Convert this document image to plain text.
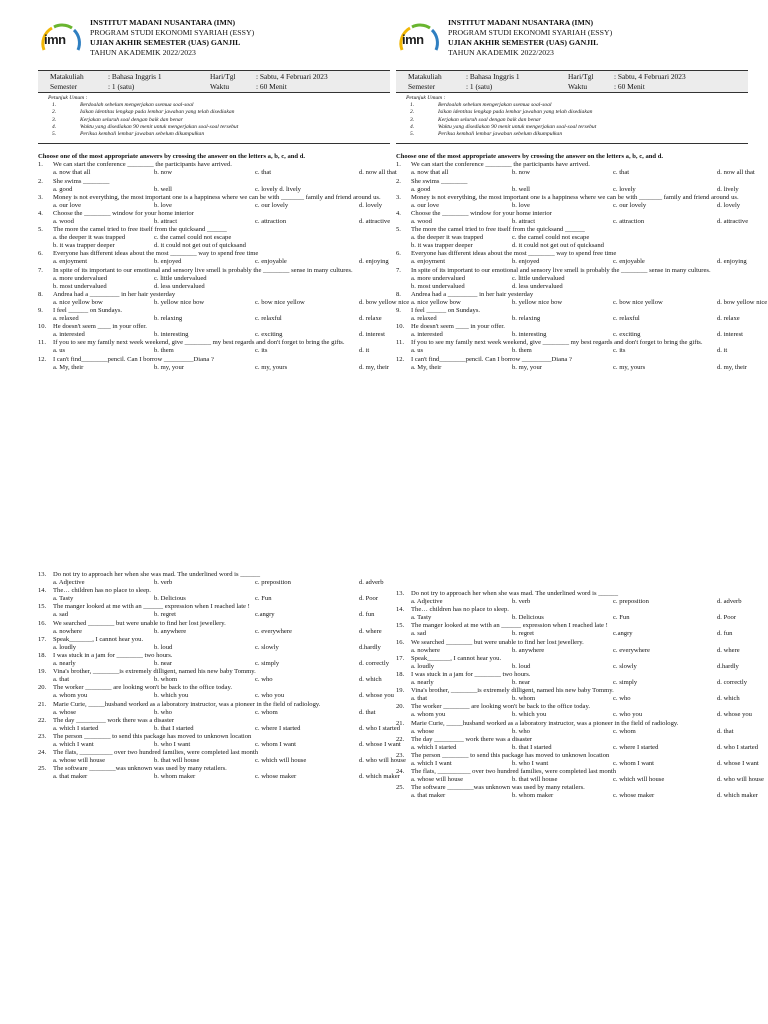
imn
INSTITUT MADANI NUSANTARA (IMN)
PROGRAM STUDI EKONOMI SYARIAH (ESSY)
UJIAN AKHIR SEMESTER (UAS) GANJIL
TAHUN AKADEMIK 2022/2023
Matakuliah	: Bahasa Inggris 1	Hari/Tgl	: Sabtu, 4 Februari 2023
Semester	: 1 (satu)	Waktu	: 60 Menit
Petunjuk Umum :
1.	Berdoalah sebelum mengerjakan ssemua soal-soal
2.	Isikan identitas lengkap pada lembar jawaban yang telah disediakan
3.	Kerjakan seluruh soal dengan baik dan benar
4.	Waktu yang disediakan 90 menit untuk mengerjakan soal-soal tersebut
5.	Periksa kembali lembar jawaban sebelum dikumpulkan
Choose one of the most appropriate answers by crossing the answer on the letters a, b, c, and d.
1.	We can start the conference ________ the participants have arrived.
a. now that all	b. now	c. that	d. now all that
2.	She swims ________
a. good	b. well	c. lovely d. lively
3.	Money is not everything, the most important one is a happiness where we can be with _______ family and friend around us.
a. our love	b. love	c. our lovely	d. lovely
4.	Choose the ________ window for your home interior
a. wood	b. attract	c. attraction	d. attractive
5.	The more the camel tried to free itself from the quicksand ______
a. the deeper it was trapped	c. the camel could not escape
b. it was trapper deeper	d. it could not get out of quicksand
6.	Everyone has different ideas about the most ________ way to spend free time
a. enjoyment	b. enjoyed	c. enjoyable	d. enjoying
7.	In spite of its important to our emotional and sensory live smell is probably the ________ sense in many cultures.
a. more undervalued	c. little undervalued
b. most undervalued	d. less undervalued
8.	Andrea had a _________ in her hair yesterday
a. nice yellow bow	b. yellow nice bow	c. bow nice yellow	d. bow yellow nice
9.	I feel ______ on Sundays.
a. relaxed	b. relaxing	c. relaxful	d. relaxe
10.	He doesn't seem ____ in your offer.
a. interested	b. interesting	c. exciting	d. interest
11.	If you to see my family next week weekend, give ________ my best regards and don't forget to bring the gifts.
a. us	b. them	c. its	d. it
12.	I can't find________pencil. Can I borrow _________Diana ?
a. My, their	b. my, your	c. my, yours	d. my, their
imn
INSTITUT MADANI NUSANTARA (IMN)
PROGRAM STUDI EKONOMI SYARIAH (ESSY)
UJIAN AKHIR SEMESTER (UAS) GANJIL
TAHUN AKADEMIK 2022/2023
Matakuliah	: Bahasa Inggris 1	Hari/Tgl	: Sabtu, 4 Februari 2023
Semester	: 1 (satu)	Waktu	: 60 Menit
Petunjuk Umum :
1.	Berdoalah sebelum mengerjakan ssemua soal-soal
2.	Isikan identitas lengkap pada lembar jawaban yang telah disediakan
3.	Kerjakan seluruh soal dengan baik dan benar
4.	Waktu yang disediakan 90 menit untuk mengerjakan soal-soal tersebut
5.	Periksa kembali lembar jawaban sebelum dikumpulkan
Choose one of the most appropriate answers by crossing the answer on the letters a, b, c, and d.
1.	We can start the conference ________ the participants have arrived.
a. now that all	b. now	c. that	d. now all that
2.	She swims ________
a. good	b. well	c. lovely	d. lively
3.	Money is not everything, the most important one is a happiness where we can be with _______ family and friend around us.
a. our love	b. love	c. our lovely	d. lovely
4.	Choose the ________ window for your home interior
a. wood	b. attract	c. attraction	d. attractive
5.	The more the camel tried to free itself from the quicksand ______
a. the deeper it was trapped	c. the camel could not escape
b. it was trapper deeper	d. it could not get out of quicksand
6.	Everyone has different ideas about the most ________ way to spend free time
a. enjoyment	b. enjoyed	c. enjoyable	d. enjoying
7.	In spite of its important to our emotional and sensory live smell is probably the ________ sense in many cultures.
a. more undervalued	c. little undervalued
b. most undervalued	d. less undervalued
8.	Andrea had a _________ in her hair yesterday
a. nice yellow bow	b. yellow nice bow	c. bow nice yellow	d. bow yellow nice
9.	I feel ______ on Sundays.
a. relaxed	b. relaxing	c. relaxful	d. relaxe
10.	He doesn't seem ____ in your offer.
a. interested	b. interesting	c. exciting	d. interest
11.	If you to see my family next week weekend, give ________ my best regards and don't forget to bring the gifts.
a. us	b. them	c. its	d. it
12.	I can't find________pencil. Can I borrow _________Diana ?
a. My, their	b. my, your	c. my, yours	d. my, their
13.	Do not try to approach her when she was mad. The underlined word is ______
a. Adjective	b. verb	c. preposition	d. adverb
14.	The… children has no place to sleep.
a. Tasty	b. Delicious	c. Fun	d. Poor
15.	The manger looked at me with an ______ expression when I reached late !
a. sad	b. regret	c.angry	d. fun
16.	We searched ________ but were unable to find her lost jewellery.
a. nowhere	b. anywhere	c. everywhere	d. where
17.	Speak_______, I cannot hear you.
a. loudly	b. loud	c. slowly	d.hardly
18.	I was stuck in a jam for ________ two hours.
a. nearly	b. near	c. simply	d. correctly
19.	Vina's brother, ________is extremely dilligent, named his new baby Tommy.
a. that	b. whom	c. who	d. which
20.	The worker ________ are looking won't be back to the office today.
a. whom you	b. which you	c. who you	d. whose you
21.	Marie Curie, _____husband worked as a laboratory instructor, was a pioneer in the field of radiology.
a. whose	b. who	c. whom	d. that
22.	The day _________ work there was a disaster
a. which I started	b. that I started	c. where I started	d. who I started
23.	The person ________ to send this package has moved to unknown location
a. which I want	b. who I want	c. whom I want	d. whose I want
24.	The flats, __________ over two hundred families, were completed last month
a. whose will house	b. that will house	c. which will house	d. who will house
25.	The software ________was unknown was used by many retailers.
a. that maker	b. whom maker	c. whose maker	d. which maker
13.	Do not try to approach her when she was mad. The underlined word is ______
a. Adjective	b. verb	c. preposition	d. adverb
14.	The… children has no place to sleep.
a. Tasty	b. Delicious	c. Fun	d. Poor
15.	The manger looked at me with an ______ expression when I reached late !
a. sad	b. regret	c.angry	d. fun
16.	We searched ________ but were unable to find her lost jewellery.
a. nowhere	b. anywhere	c. everywhere	d. where
17.	Speak_______, I cannot hear you.
a. loudly	b. loud	c. slowly	d.hardly
18.	I was stuck in a jam for ________ two hours.
a. nearly	b. near	c. simply	d. correctly
19.	Vina's brother, ________is extremely dilligent, named his new baby Tommy.
a. that	b. whom	c. who	d. which
20.	The worker ________ are looking won't be back to the office today.
a. whom you	b. which you	c. who you	d. whose you
21.	Marie Curie, _____husband worked as a laboratory instructor, was a pioneer in the field of radiology.
a. whose	b. who	c. whom	d. that
22.	The day _________ work there was a disaster
a. which I started	b. that I started	c. where I started	d. who I started
23.	The person ________ to send this package has moved to unknown location
a. which I want	b. who I want	c. whom I want	d. whose I want
24.	The flats, __________ over two hundred families, were completed last month
a. whose will house	b. that will house	c. which will house	d. who will house
25.	The software ________was unknown was used by many retailers.
a. that maker	b. whom maker	c. whose maker	d. which maker
